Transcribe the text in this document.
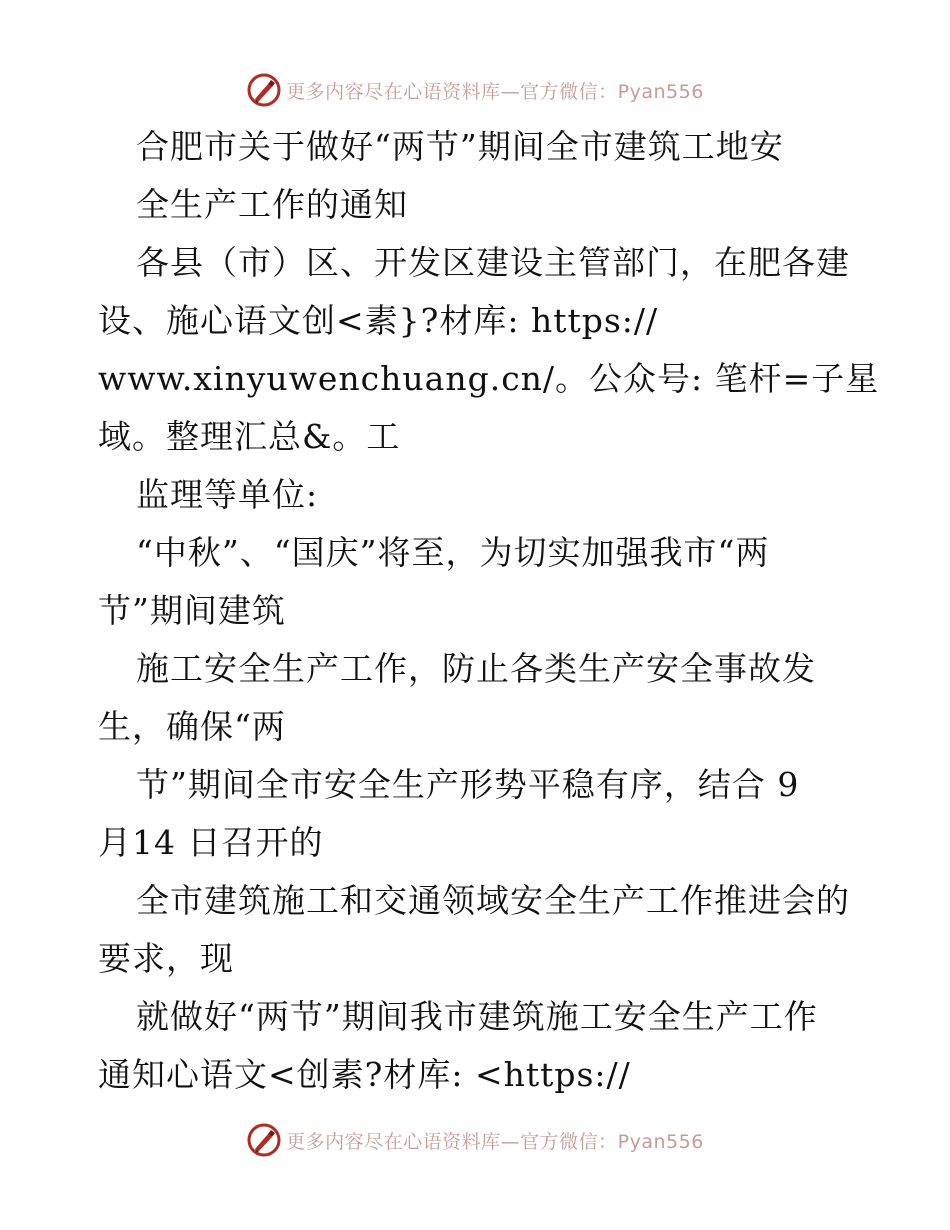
更多内容尽在心语资料库—官方微信：Pyan556
合肥市关于做好“两节”期间全市建筑工地安
全生产工作的通知
各县（市）区、开发区建设主管部门，在肥各建
设、施心语文创<素}?材库: https://
www.xinyuwenchuang.cn/。公众号: 笔杆=子星
域。整理汇总&。工
监理等单位:
“中秋”、“国庆”将至，为切实加强我市“两
节”期间建筑
施工安全生产工作，防止各类生产安全事故发
生，确保“两
节”期间全市安全生产形势平稳有序，结合 9
月14 日召开的
全市建筑施工和交通领域安全生产工作推进会的
要求，现
就做好“两节”期间我市建筑施工安全生产工作
通知心语文<创素?材库: <https://
更多内容尽在心语资料库—官方微信：Pyan556
